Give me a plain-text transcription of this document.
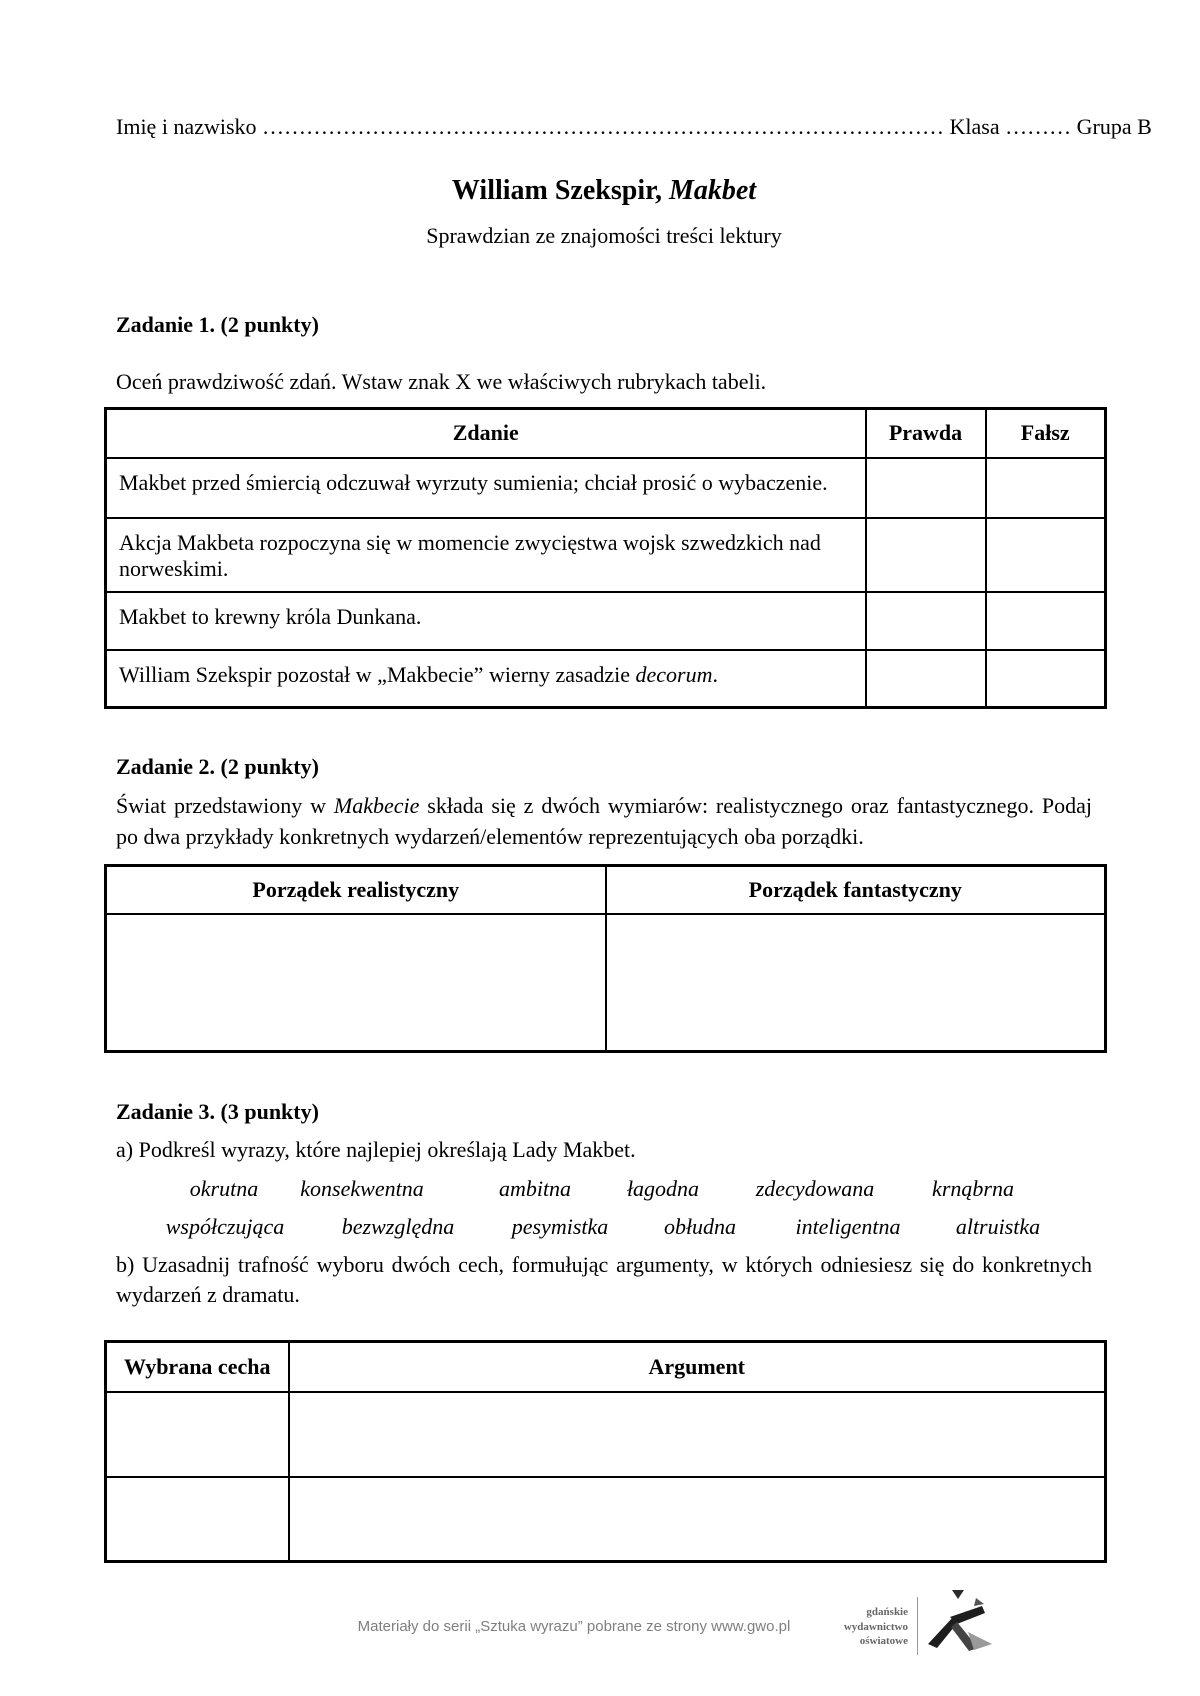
Imię i nazwisko ………………………………………………………………………………… Klasa ……… Grupa B
William Szekspir, Makbet
Sprawdzian ze znajomości treści lektury
Zadanie 1. (2 punkty)
Oceń prawdziwość zdań. Wstaw znak X we właściwych rubrykach tabeli.
Zdanie	Prawda	Fałsz
Makbet przed śmiercią odczuwał wyrzuty sumienia; chciał prosić o wybaczenie.		
Akcja Makbeta rozpoczyna się w momencie zwycięstwa wojsk szwedzkich nad norweskimi.		
Makbet to krewny króla Dunkana.		
William Szekspir pozostał w „Makbecie” wierny zasadzie decorum.		
Zadanie 2. (2 punkty)
Świat przedstawiony w Makbecie składa się z dwóch wymiarów: realistycznego oraz fantastycznego. Podaj
po dwa przykłady konkretnych wydarzeń/elementów reprezentujących oba porządki.
Porządek realistyczny	Porządek fantastyczny

Zadanie 3. (3 punkty)
a) Podkreśl wyrazy, które najlepiej określają Lady Makbet.
okrutna konsekwentna	ambitna	łagodna	zdecydowana	krnąbrna
współczująca	bezwzględna	pesymistka	obłudna	inteligentna	altruistka
b) Uzasadnij trafność wyboru dwóch cech, formułując argumenty, w których odniesiesz się do konkretnych
wydarzeń z dramatu.
Wybrana cecha	Argument

Materiały do serii „Sztuka wyrazu” pobrane ze strony www.gwo.pl
gdańskie
wydawnictwo
oświatowe
